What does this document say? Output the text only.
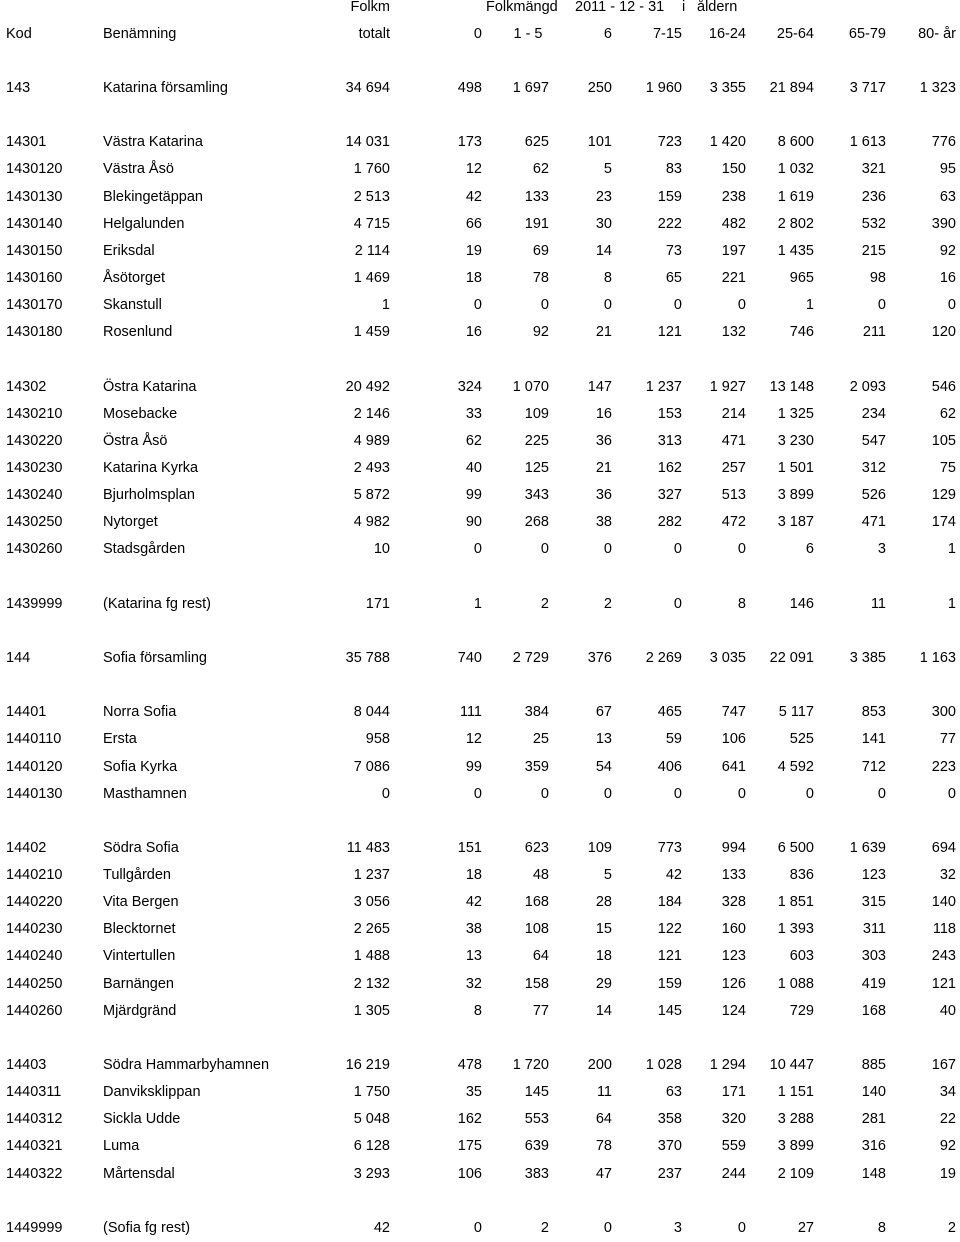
Folkm	Folkmängd	2011 - 12 - 31	i åldern
Kod	Benämning	totalt	0	1 - 5	6	7-15	16-24	25-64	65-79	80- år
143	Katarina församling	34 694	498	1 697	250	1 960	3 355	21 894	3 717	1 323
14301	Västra Katarina	14 031	173	625	101	723	1 420	8 600	1 613	776
1430120	Västra Åsö	1 760	12	62	5	83	150	1 032	321	95
1430130	Blekingetäppan	2 513	42	133	23	159	238	1 619	236	63
1430140	Helgalunden	4 715	66	191	30	222	482	2 802	532	390
1430150	Eriksdal	2 114	19	69	14	73	197	1 435	215	92
1430160	Åsötorget	1 469	18	78	8	65	221	965	98	16
1430170	Skanstull	1	0	0	0	0	0	1	0	0
1430180	Rosenlund	1 459	16	92	21	121	132	746	211	120
14302	Östra Katarina	20 492	324	1 070	147	1 237	1 927	13 148	2 093	546
1430210	Mosebacke	2 146	33	109	16	153	214	1 325	234	62
1430220	Östra Åsö	4 989	62	225	36	313	471	3 230	547	105
1430230	Katarina Kyrka	2 493	40	125	21	162	257	1 501	312	75
1430240	Bjurholmsplan	5 872	99	343	36	327	513	3 899	526	129
1430250	Nytorget	4 982	90	268	38	282	472	3 187	471	174
1430260	Stadsgården	10	0	0	0	0	0	6	3	1
1439999	(Katarina fg rest)	171	1	2	2	0	8	146	11	1
144	Sofia församling	35 788	740	2 729	376	2 269	3 035	22 091	3 385	1 163
14401	Norra Sofia	8 044	111	384	67	465	747	5 117	853	300
1440110	Ersta	958	12	25	13	59	106	525	141	77
1440120	Sofia Kyrka	7 086	99	359	54	406	641	4 592	712	223
1440130	Masthamnen	0	0	0	0	0	0	0	0	0
14402	Södra Sofia	11 483	151	623	109	773	994	6 500	1 639	694
1440210	Tullgården	1 237	18	48	5	42	133	836	123	32
1440220	Vita Bergen	3 056	42	168	28	184	328	1 851	315	140
1440230	Blecktornet	2 265	38	108	15	122	160	1 393	311	118
1440240	Vintertullen	1 488	13	64	18	121	123	603	303	243
1440250	Barnängen	2 132	32	158	29	159	126	1 088	419	121
1440260	Mjärdgränd	1 305	8	77	14	145	124	729	168	40
14403	Södra Hammarbyhamnen	16 219	478	1 720	200	1 028	1 294	10 447	885	167
1440311	Danviksklippan	1 750	35	145	11	63	171	1 151	140	34
1440312	Sickla Udde	5 048	162	553	64	358	320	3 288	281	22
1440321	Luma	6 128	175	639	78	370	559	3 899	316	92
1440322	Mårtensdal	3 293	106	383	47	237	244	2 109	148	19
1449999	(Sofia fg rest)	42	0	2	0	3	0	27	8	2
